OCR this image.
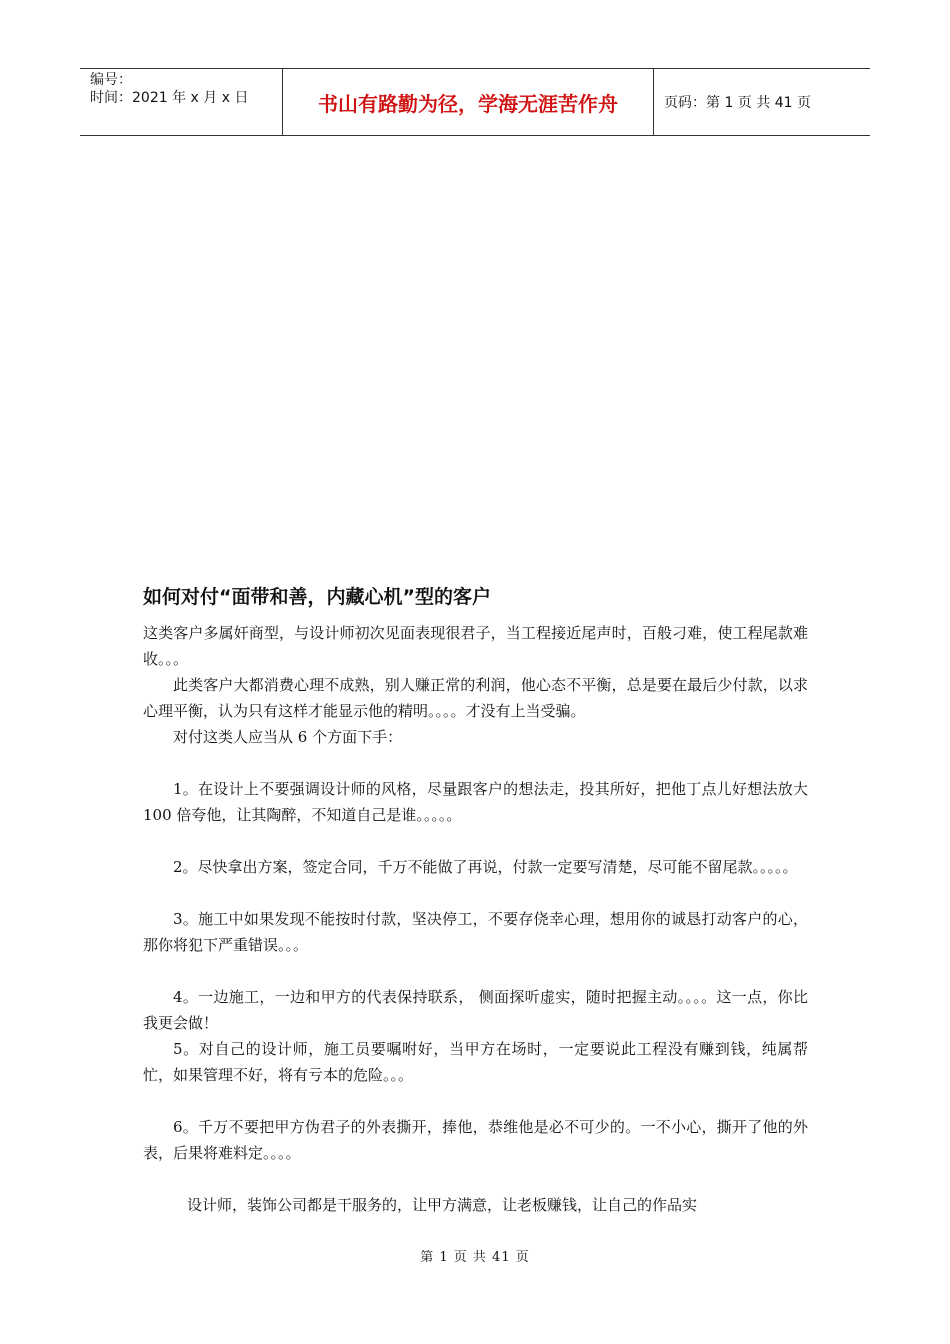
编号：
时间：2021 年 x 月 x 日	书山有路勤为径，学海无涯苦作舟	页码：第 1 页 共 41 页
如何对付“面带和善，内藏心机”型的客户

这类客户多属奸商型，与设计师初次见面表现很君子，当工程接近尾声时，百般刁难，使工程尾款难收。。。

此类客户大都消费心理不成熟，别人赚正常的利润，他心态不平衡，总是要在最后少付款，以求心理平衡，认为只有这样才能显示他的精明。。。。才没有上当受骗。

对付这类人应当从 6 个方面下手：

1。在设计上不要强调设计师的风格，尽量跟客户的想法走，投其所好，把他丁点儿好想法放大 100 倍夸他，让其陶醉，不知道自己是谁。。。。。

2。尽快拿出方案，签定合同，千万不能做了再说，付款一定要写清楚，尽可能不留尾款。。。。。

3。施工中如果发现不能按时付款，坚决停工，不要存侥幸心理，想用你的诚恳打动客户的心，那你将犯下严重错误。。。

4。一边施工，一边和甲方的代表保持联系， 侧面探听虚实，随时把握主动。。。。这一点，你比我更会做！

5。对自己的设计师，施工员要嘱咐好，当甲方在场时，一定要说此工程没有赚到钱，纯属帮忙，如果管理不好，将有亏本的危险。。。

6。千万不要把甲方伪君子的外表撕开，捧他，恭维他是必不可少的。一不小心，撕开了他的外表，后果将难料定。。。。

设计师，装饰公司都是干服务的，让甲方满意，让老板赚钱，让自己的作品实

第 1 页 共 41 页
